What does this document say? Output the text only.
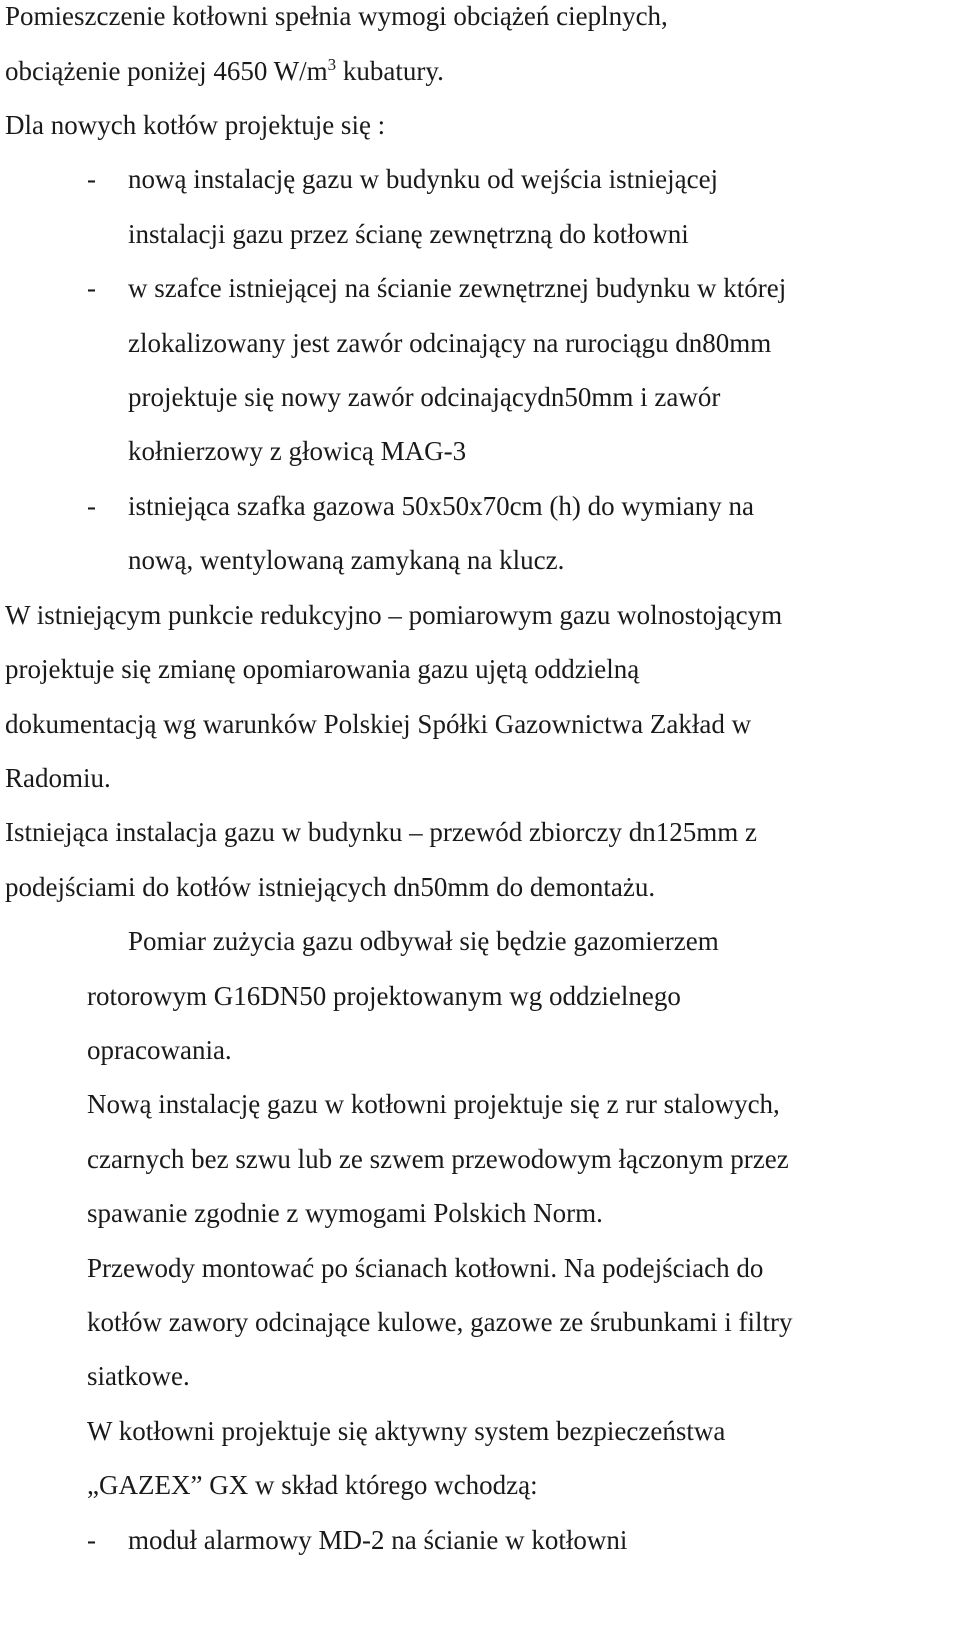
Pomieszczenie kotłowni spełnia wymogi obciążeń cieplnych,
obciążenie poniżej 4650 $W/m^3$ kubatury.
Dla nowych kotłów projektuje się :
- nową instalację gazu w budynku od wejścia istniejącej
instalacji gazu przez ścianę zewnętrzną do kotłowni
- w szafce istniejącej na ścianie zewnętrznej budynku w której
zlokalizowany jest zawór odcinający na rurociągu dn80mm
projektuje się nowy zawór odcinającydn50mm i zawór
kołnierzowy z głowicą MAG-3
- istniejąca szafka gazowa 50x50x70cm (h) do wymiany na
nową, wentylowaną zamykaną na klucz.
W istniejącym punkcie redukcyjno – pomiarowym gazu wolnostojącym
projektuje się zmianę opomiarowania gazu ujętą oddzielną
dokumentacją wg warunków Polskiej Spółki Gazownictwa Zakład w
Radomiu.
Istniejąca instalacja gazu w budynku – przewód zbiorczy dn125mm z
podejściami do kotłów istniejących dn50mm do demontażu.
Pomiar zużycia gazu odbywał się będzie gazomierzem
rotorowym G16DN50 projektowanym wg oddzielnego
opracowania.
Nową instalację gazu w kotłowni projektuje się z rur stalowych,
czarnych bez szwu lub ze szwem przewodowym łączonym przez
spawanie zgodnie z wymogami Polskich Norm.
Przewody montować po ścianach kotłowni. Na podejściach do
kotłów zawory odcinające kulowe, gazowe ze śrubunkami i filtry
siatkowe.
W kotłowni projektuje się aktywny system bezpieczeństwa
„GAZEX” GX w skład którego wchodzą:
- moduł alarmowy MD-2 na ścianie w kotłowni
